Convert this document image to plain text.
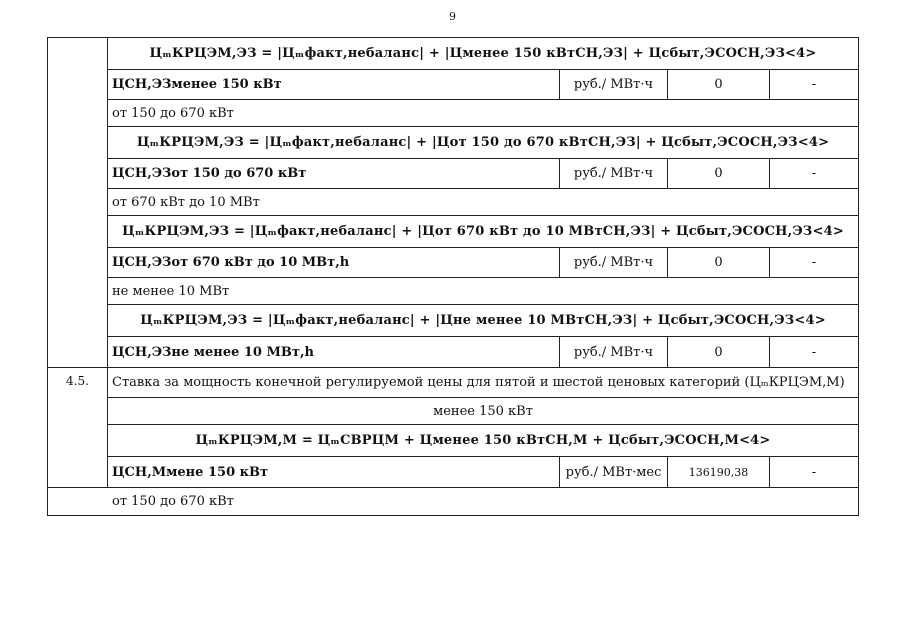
9
ЦₘКРЦЭМ,ЭЗ = |Цₘфакт,небаланс| + |Цменее 150 кВтСН,ЭЗ| + Цсбыт,ЭСОСН,ЭЗ<4>
ЦСН,ЭЗменее 150 кВт	руб./ МВт·ч	0	-
от 150 до 670 кВт
ЦₘКРЦЭМ,ЭЗ = |Цₘфакт,небаланс| + |Цот 150 до 670 кВтСН,ЭЗ| + Цсбыт,ЭСОСН,ЭЗ<4>
ЦСН,ЭЗот 150 до 670 кВт	руб./ МВт·ч	0	-
от 670 кВт до 10 МВт
ЦₘКРЦЭМ,ЭЗ = |Цₘфакт,небаланс| + |Цот 670 кВт до 10 МВтСН,ЭЗ| + Цсбыт,ЭСОСН,ЭЗ<4>
ЦСН,ЭЗот 670 кВт до 10 МВт,h	руб./ МВт·ч	0	-
не менее 10 МВт
ЦₘКРЦЭМ,ЭЗ = |Цₘфакт,небаланс| + |Цне менее 10 МВтСН,ЭЗ| + Цсбыт,ЭСОСН,ЭЗ<4>
ЦСН,ЭЗне менее 10 МВт,h	руб./ МВт·ч	0	-
4.5.	Ставка за мощность конечной регулируемой цены для пятой и шестой ценовых категорий (ЦₘКРЦЭМ,М)
менее 150 кВт
ЦₘКРЦЭМ,М = ЦₘСВРЦМ + Цменее 150 кВтСН,М + Цсбыт,ЭСОСН,М<4>
ЦСН,Ммене 150 кВт	руб./ МВт·мес	136190,38	-
от 150 до 670 кВт
